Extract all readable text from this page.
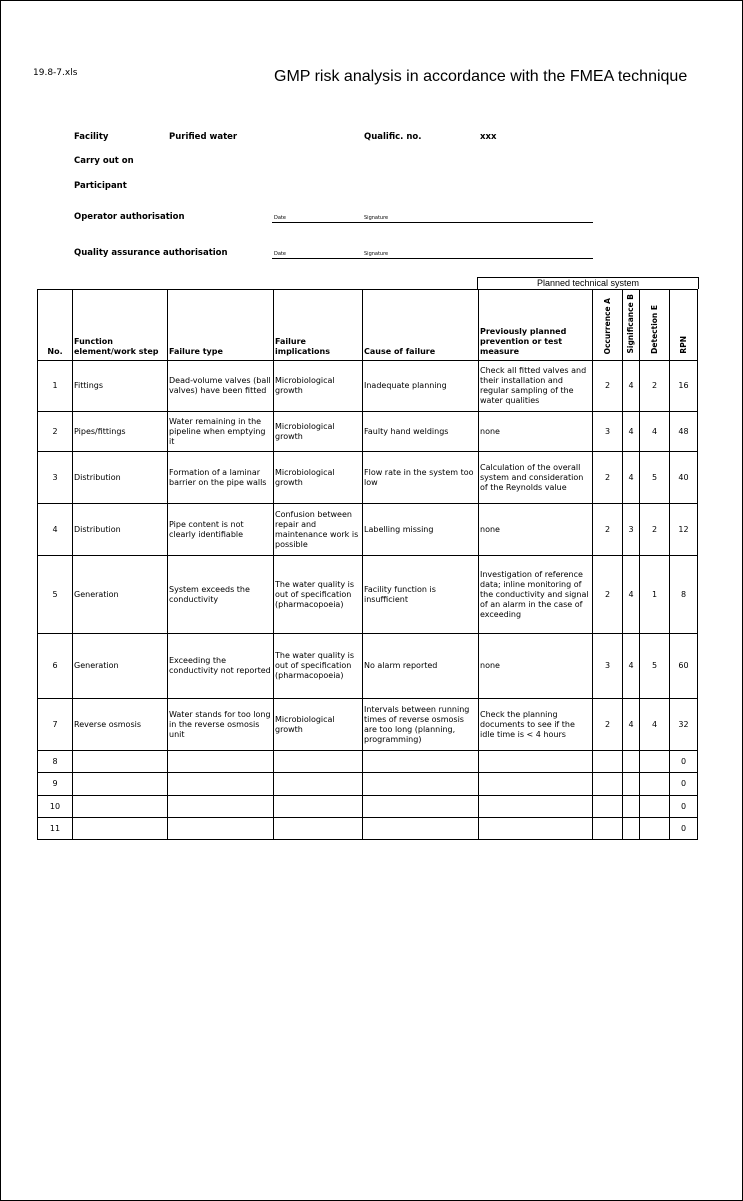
19.8-7.xls	GMP risk analysis in accordance with the FMEA technique
Facility	Purified water	Qualific. no.	xxx
Carry out on
Participant
Operator authorisation	Date	Signature
Quality assurance authorisation	Date	Signature
Planned technical system
No.	Function element/work step	Failure type	Failure implications	Cause of failure	Previously planned prevention or test measure	Occurrence A	Significance B	Detection E	RPN
1	Fittings	Dead-volume valves (ball valves) have been fitted	Microbiological growth	Inadequate planning	Check all fitted valves and their installation and regular sampling of the water qualities	2	4	2	16
2	Pipes/fittings	Water remaining in the pipeline when emptying it	Microbiological growth	Faulty hand weldings	none	3	4	4	48
3	Distribution	Formation of a laminar barrier on the pipe walls	Microbiological growth	Flow rate in the system too low	Calculation of the overall system and consideration of the Reynolds value	2	4	5	40
4	Distribution	Pipe content is not clearly identifiable	Confusion between repair and maintenance work is possible	Labelling missing	none	2	3	2	12
5	Generation	System exceeds the conductivity	The water quality is out of specification (pharmacopoeia)	Facility function is insufficient	Investigation of reference data; inline monitoring of the conductivity and signal of an alarm in the case of exceeding	2	4	1	8
6	Generation	Exceeding the conductivity not reported	The water quality is out of specification (pharmacopoeia)	No alarm reported	none	3	4	5	60
7	Reverse osmosis	Water stands for too long in the reverse osmosis unit	Microbiological growth	Intervals between running times of reverse osmosis are too long (planning, programming)	Check the planning documents to see if the idle time is < 4 hours	2	4	4	32
8									0
9									0
10									0
11									0
